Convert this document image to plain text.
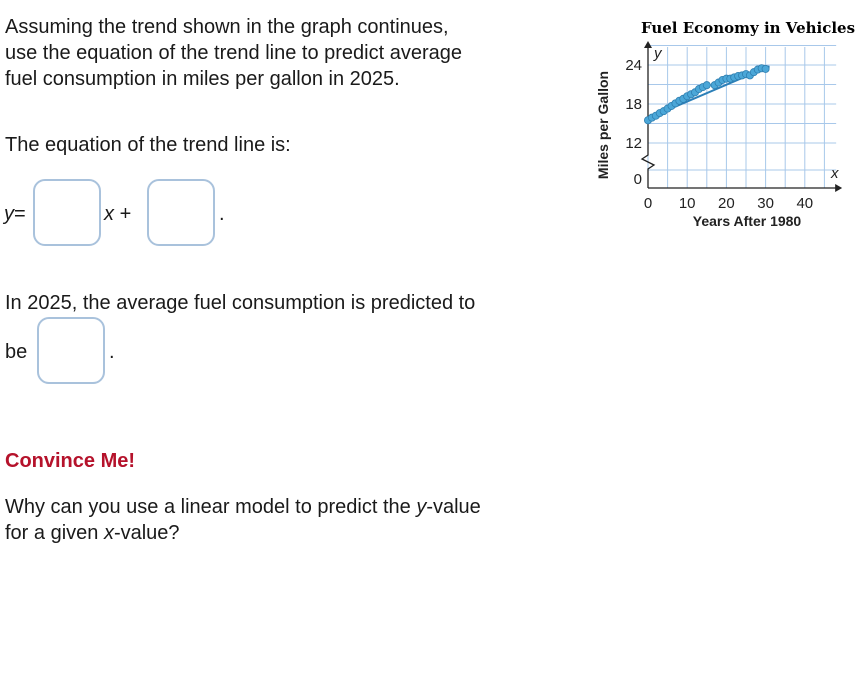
Assuming the trend shown in the graph continues,
use the equation of the trend line to predict average
fuel consumption in miles per gallon in 2025.
The equation of the trend line is:
y=	x +	.
In 2025, the average fuel consumption is predicted to
be	.
Convince Me!
Why can you use a linear model to predict the y-value
for a given x-value?
Fuel Economy in Vehicles
0 10 20 30 40
0
12
18
24
y
x
Miles per Gallon
Years After 1980
